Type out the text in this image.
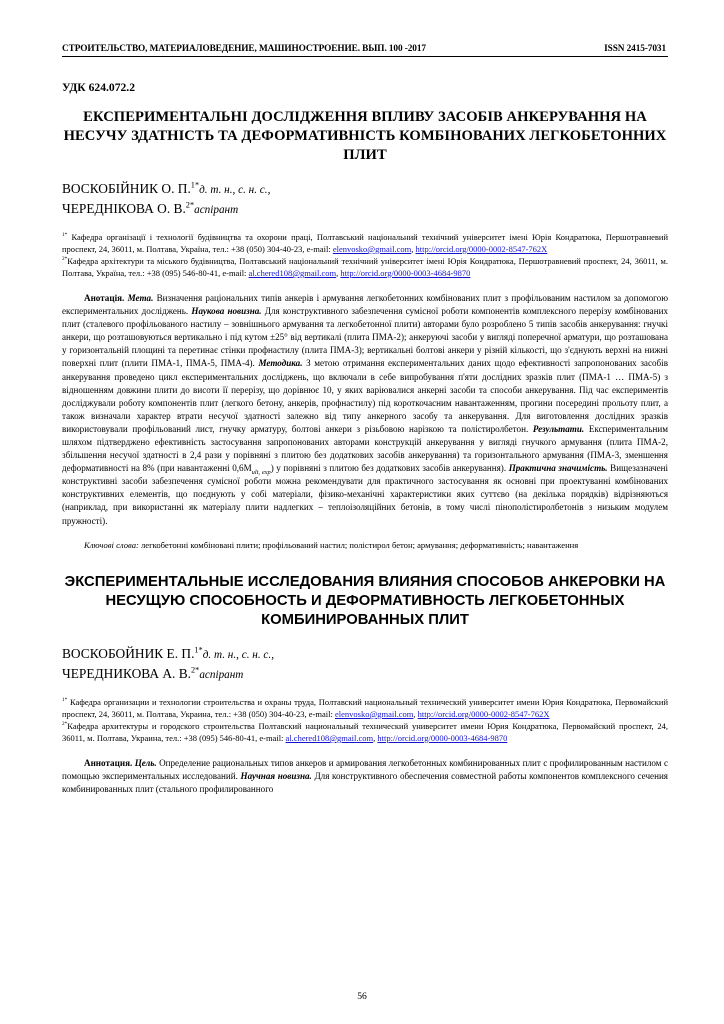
СТРОИТЕЛЬСТВО, МАТЕРИАЛОВЕДЕНИЕ, МАШИНОСТРОЕНИЕ. ВЫП. 100 -2017	ISSN 2415-7031
УДК 624.072.2
ЕКСПЕРИМЕНТАЛЬНІ ДОСЛІДЖЕННЯ ВПЛИВУ ЗАСОБІВ АНКЕРУВАННЯ НА НЕСУЧУ ЗДАТНІСТЬ ТА ДЕФОРМАТИВНІСТЬ КОМБІНОВАНИХ ЛЕГКОБЕТОННИХ ПЛИТ
ВОСКОБІЙНИК О. П.$^{1*}$д. т. н., с. н. с.,
ЧЕРЕДНІКОВА О. В.$^{2*}$аспірант

$^{1*}$ Кафедра організації і технології будівництва та охорони праці, Полтавський національний технічний університет імені Юрія Кондратюка, Першотравневий проспект, 24, 36011, м. Полтава, Україна, тел.: +38 (050) 304-40-23, e-mail: elenvosko@gmail.com, http://orcid.org/0000-0002-8547-762X

$^{2*}$Кафедра архітектури та міського будівництва, Полтавський національний технічний університет імені Юрія Кондратюка, Першотравневий проспект, 24, 36011, м. Полтава, Україна, тел.: +38 (095) 546-80-41, e-mail: al.chered108@gmail.com, http://orcid.org/0000-0003-4684-9870

Анотація. Мета. Визначення раціональних типів анкерів і армування легкобетонних комбінованих плит з профільованим настилом за допомогою експериментальних досліджень. Наукова новизна. Для конструктивного забезпечення сумісної роботи компонентів комплексного перерізу комбінованих плит (сталевого профільованого настилу – зовнішнього армування та легкобетонної плити) авторами було розроблено 5 типів засобів анкерування: гнучкі анкери, що розташовуються вертикально і під кутом ±25° від вертикалі (плита ПМА-2); анкеруючі засоби у вигляді поперечної арматури, що розташована у горизонтальній площині та перетинає стінки профнастилу (плита ПМА-3); вертикальні болтові анкери у різній кількості, що з'єднують верхні на нижні поверхні плит (плити ПМА-1, ПМА-5, ПМА-4). Методика. З метою отримання експериментальних даних щодо ефективності запропонованих засобів анкерування проведено цикл експериментальних досліджень, що включали в себе випробування п'яти дослідних зразків плит (ПМА-1 … ПМА-5) з відношенням довжини плити до висоти її перерізу, що дорівнює 10, у яких варіювалися анкерні засоби та способи анкерування. Під час експериментів досліджували роботу компонентів плит (легкого бетону, анкерів, профнастилу) під короткочасним навантаженням, прогини посередині прольоту плит, а також визначали характер втрати несучої здатності залежно від типу анкерного засобу та анкерування. Для виготовлення дослідних зразків використовували профільований лист, гнучку арматуру, болтові анкери з різьбовою нарізкою та полістиролбетон. Результати. Експериментальним шляхом підтверджено ефективність застосування запропонованих авторами конструкцій анкерування у вигляді гнучкого армування (плита ПМА-2, збільшення несучої здатності в 2,4 рази у порівняні з плитою без додаткових засобів анкерування) та горизонтального армування (ПМА-3, зменшення деформативності на 8% (при навантаженні $0,6M_{ult, exp}$) у порівняні з плитою без додаткових засобів анкерування). Практична значимість. Вищезазначені конструктивні засоби забезпечення сумісної роботи можна рекомендувати для практичного застосування як основні при проектуванні комбінованих конструктивних елементів, що поєднують у собі матеріали, фізико-механічні характеристики яких суттєво (на декілька порядків) відрізняються (наприклад, при використанні як матеріалу плити надлегких – теплоізоляційних бетонів, в тому числі пінополістиролбетонів з низьким модулем пружності).
Ключові слова: легкобетонні комбіновані плити; профільований настил; полістирол бетон; армування; деформативність; навантаження
ЭКСПЕРИМЕНТАЛЬНЫЕ ИССЛЕДОВАНИЯ ВЛИЯНИЯ СПОСОБОВ АНКЕРОВКИ НА НЕСУЩУЮ СПОСОБНОСТЬ И ДЕФОРМАТИВНОСТЬ ЛЕГКОБЕТОННЫХ КОМБИНИРОВАННЫХ ПЛИТ
ВОСКОБОЙНИК Е. П.$^{1*}$д. т. н., с. н. с.,
ЧЕРЕДНИКОВА А. В.$^{2*}$аспірант

$^{1*}$ Кафедра организации и технологии строительства и охраны труда, Полтавский национальный технический университет имени Юрия Кондратюка, Первомайский проспект, 24, 36011, м. Полтава, Украина, тел.: +38 (050) 304-40-23, e-mail: elenvosko@gmail.com, http://orcid.org/0000-0002-8547-762X

$^{2*}$Кафедра архитектуры и городского строительства Полтавский национальный технический университет имени Юрия Кондратюка, Первомайский проспект, 24, 36011, м. Полтава, Украина, тел.: +38 (095) 546-80-41, e-mail: al.chered108@gmail.com, http://orcid.org/0000-0003-4684-9870

Аннотация. Цель. Определение рациональных типов анкеров и армирования легкобетонных комбинированных плит с профилированным настилом с помощью экспериментальных исследований. Научная новизна. Для конструктивного обеспечения совместной работы компонентов комплексного сечения комбинированных плит (стального профилированного
56
